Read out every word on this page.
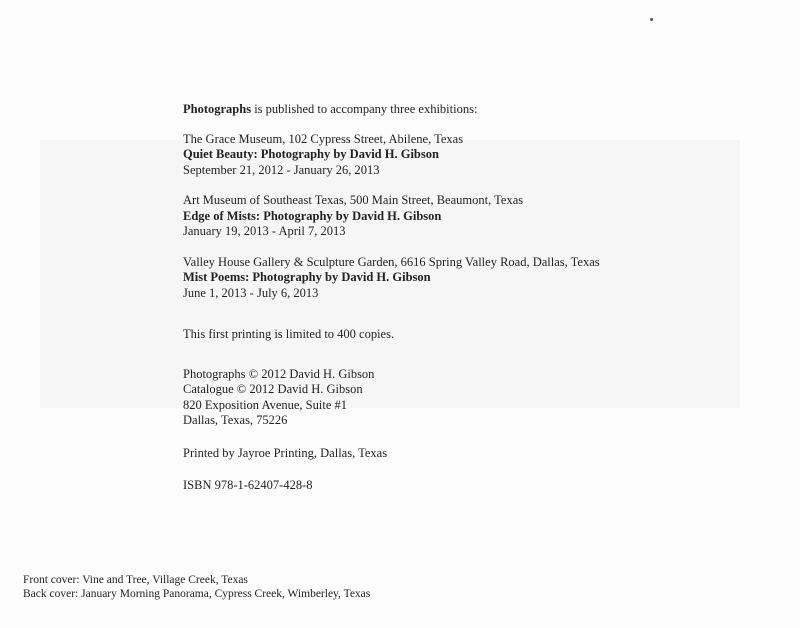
Photographs is published to accompany three exhibitions:
The Grace Museum, 102 Cypress Street, Abilene, Texas
Quiet Beauty: Photography by David H. Gibson
September 21, 2012 - January 26, 2013
Art Museum of Southeast Texas, 500 Main Street, Beaumont, Texas
Edge of Mists: Photography by David H. Gibson
January 19, 2013 - April 7, 2013
Valley House Gallery & Sculpture Garden, 6616 Spring Valley Road, Dallas, Texas
Mist Poems: Photography by David H. Gibson
June 1, 2013 - July 6, 2013
This first printing is limited to 400 copies.
Photographs © 2012 David H. Gibson
Catalogue © 2012 David H. Gibson
820 Exposition Avenue, Suite #1
Dallas, Texas, 75226
Printed by Jayroe Printing, Dallas, Texas
ISBN 978-1-62407-428-8
Front cover: Vine and Tree, Village Creek, Texas
Back cover: January Morning Panorama, Cypress Creek, Wimberley, Texas
